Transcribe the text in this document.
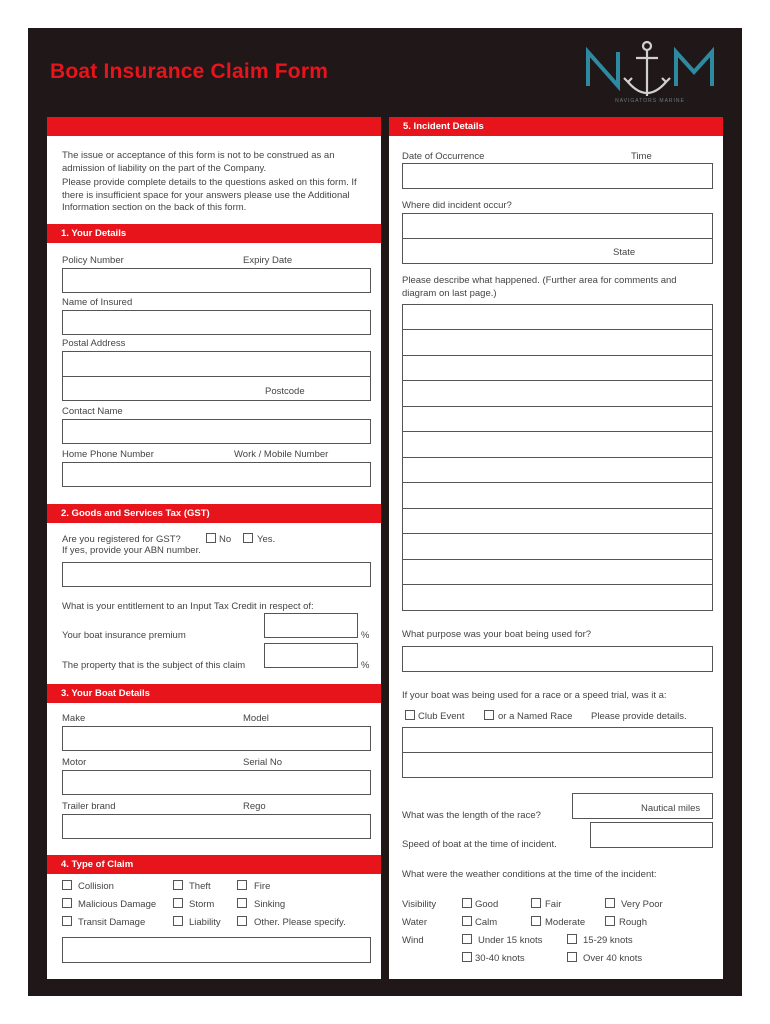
Boat Insurance Claim Form
NAVIGATORS MARINE
The issue or acceptance of this form is not to be construed as an admission of liability on the part of the Company.
Please provide complete details to the questions asked on this form. If there is insufficient space for your answers please use the Additional Information section on the back of this form.
1. Your Details
Policy Number	Expiry Date
Name of Insured
Postal Address
Postcode
Contact Name
Home Phone Number	Work / Mobile Number
2. Goods and Services Tax (GST)
Are you registered for GST?	No	Yes.
If yes, provide your ABN number.
What is your entitlement to an Input Tax Credit in respect of:
Your boat insurance premium	%
The property that is the subject of this claim	%
3. Your Boat Details
Make	Model
Motor	Serial No
Trailer brand	Rego
4. Type of Claim
Collision	Theft	Fire
Malicious Damage	Storm	Sinking
Transit Damage	Liability	Other. Please specify.
5. Incident Details
Date of Occurrence	Time
Where did incident occur?
State
Please describe what happened. (Further area for comments and diagram on last page.)
What purpose was your boat being used for?
If your boat was being used for a race or a speed trial, was it a:
Club Event	or a Named Race Please provide details.
Nautical miles
What was the length of the race?
Speed of boat at the time of incident.
What were the weather conditions at the time of the incident:
Visibility	Good	Fair	Very Poor
Water	Calm	Moderate	Rough
Wind	Under 15 knots	15-29 knots
30-40 knots	Over 40 knots
